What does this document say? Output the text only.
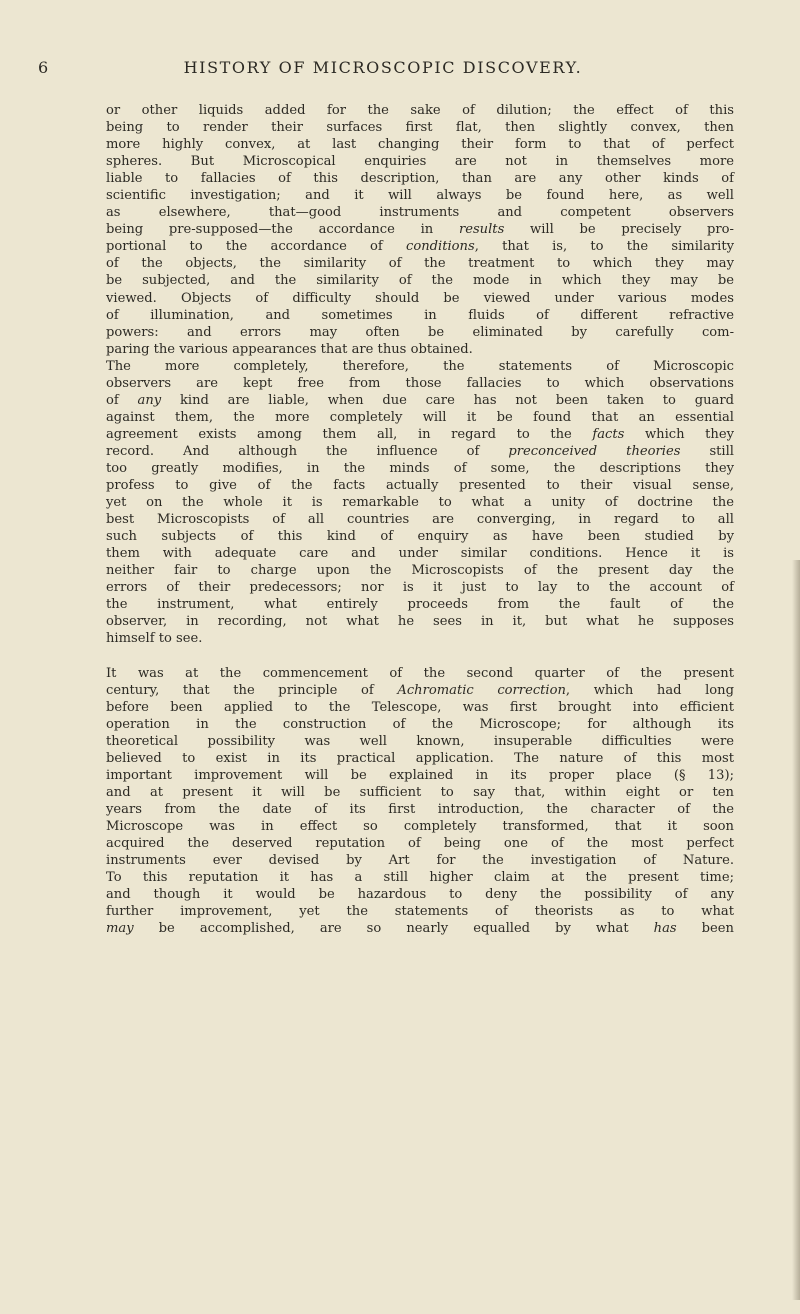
6	HISTORY OF MICROSCOPIC DISCOVERY.

or other liquids added for the sake of dilution; the effect of this
being to render their surfaces first flat, then slightly convex, then
more highly convex, at last changing their form to that of perfect
spheres. But Microscopical enquiries are not in themselves more
liable to fallacies of this description, than are any other kinds of
scientific investigation; and it will always be found here, as well
as elsewhere, that—good instruments and competent observers
being pre-supposed—the accordance in results will be precisely pro-
portional to the accordance of conditions, that is, to the similarity
of the objects, the similarity of the treatment to which they may
be subjected, and the similarity of the mode in which they may be
viewed. Objects of difficulty should be viewed under various modes
of illumination, and sometimes in fluids of different refractive
powers: and errors may often be eliminated by carefully com-
paring the various appearances that are thus obtained.
The more completely, therefore, the statements of Microscopic
observers are kept free from those fallacies to which observations
of any kind are liable, when due care has not been taken to guard
against them, the more completely will it be found that an essential
agreement exists among them all, in regard to the facts which they
record. And although the influence of preconceived theories still
too greatly modifies, in the minds of some, the descriptions they
profess to give of the facts actually presented to their visual sense,
yet on the whole it is remarkable to what a unity of doctrine the
best Microscopists of all countries are converging, in regard to all
such subjects of this kind of enquiry as have been studied by
them with adequate care and under similar conditions. Hence it is
neither fair to charge upon the Microscopists of the present day the
errors of their predecessors; nor is it just to lay to the account of
the instrument, what entirely proceeds from the fault of the
observer, in recording, not what he sees in it, but what he supposes
himself to see.

It was at the commencement of the second quarter of the present
century, that the principle of Achromatic correction, which had long
before been applied to the Telescope, was first brought into efficient
operation in the construction of the Microscope; for although its
theoretical possibility was well known, insuperable difficulties were
believed to exist in its practical application. The nature of this most
important improvement will be explained in its proper place (§ 13);
and at present it will be sufficient to say that, within eight or ten
years from the date of its first introduction, the character of the
Microscope was in effect so completely transformed, that it soon
acquired the deserved reputation of being one of the most perfect
instruments ever devised by Art for the investigation of Nature.
To this reputation it has a still higher claim at the present time;
and though it would be hazardous to deny the possibility of any
further improvement, yet the statements of theorists as to what
may be accomplished, are so nearly equalled by what has been
